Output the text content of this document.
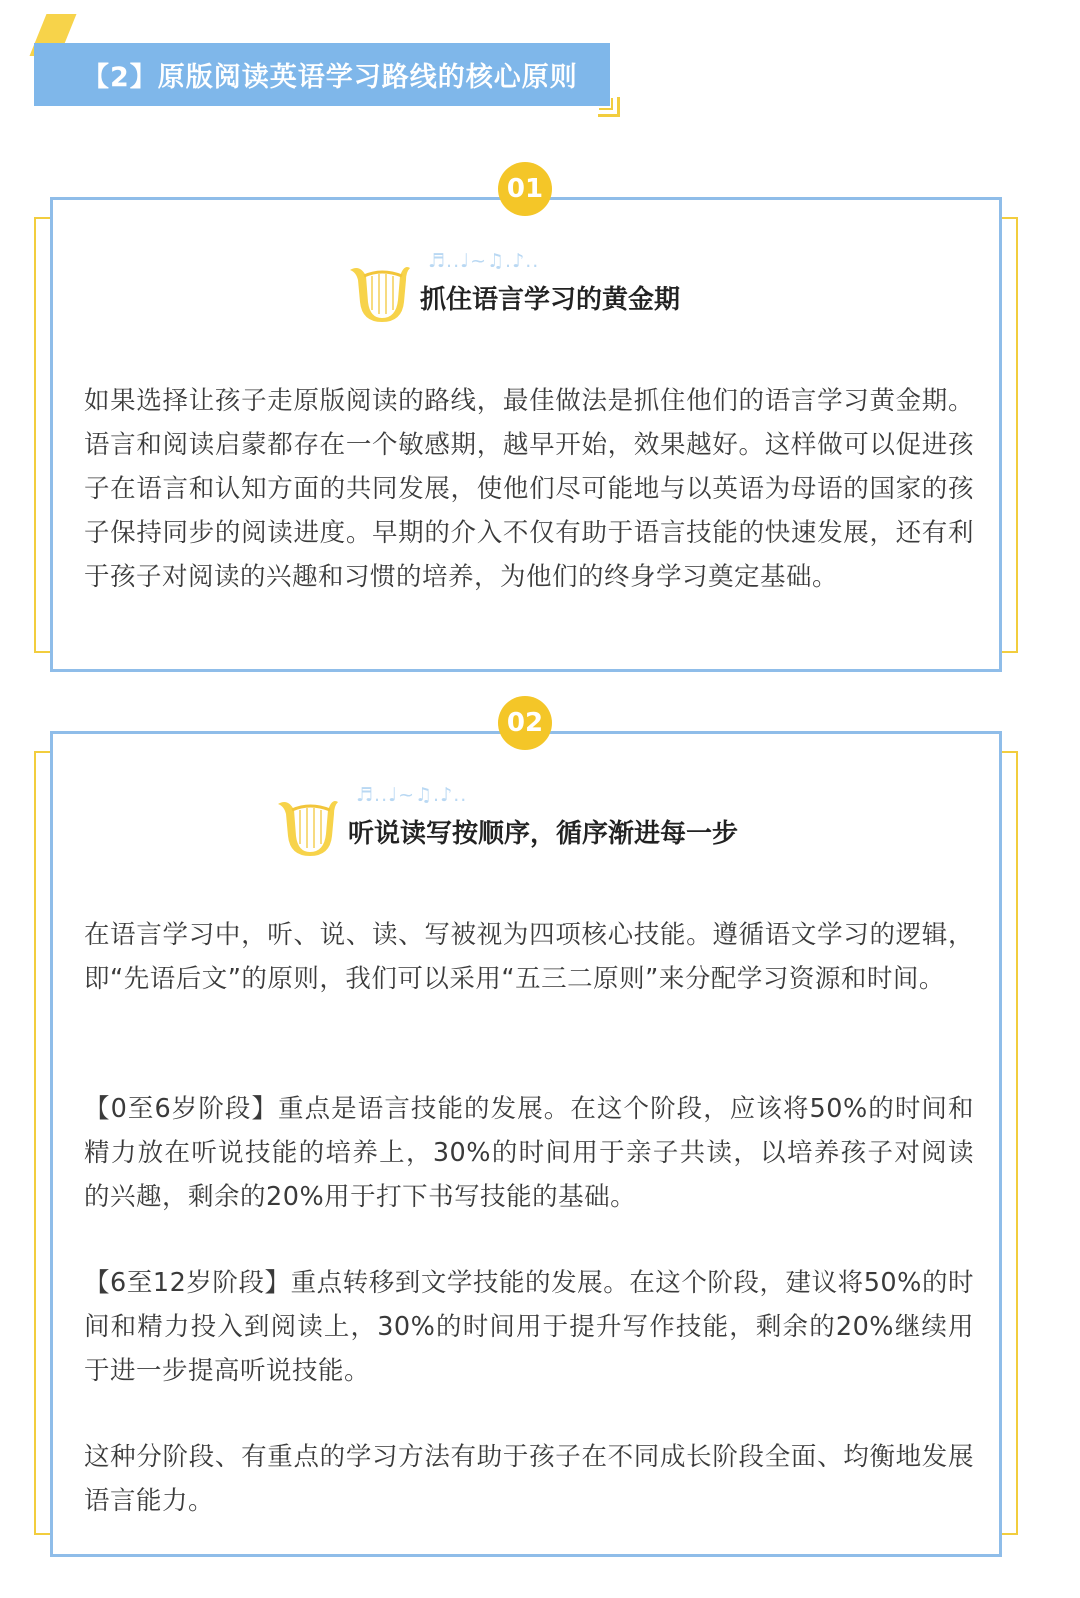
【2】原版阅读英语学习路线的核心原则
01
♬..♩~♫.♪..
抓住语言学习的黄金期

如果选择让孩子走原版阅读的路线，最佳做法是抓住他们的语言学习黄金期。语言和阅读启蒙都存在一个敏感期，越早开始，效果越好。这样做可以促进孩子在语言和认知方面的共同发展，使他们尽可能地与以英语为母语的国家的孩子保持同步的阅读进度。早期的介入不仅有助于语言技能的快速发展，还有利于孩子对阅读的兴趣和习惯的培养，为他们的终身学习奠定基础。

02
♬..♩~♫.♪..
听说读写按顺序，循序渐进每一步

在语言学习中，听、说、读、写被视为四项核心技能。遵循语文学习的逻辑，即“先语后文”的原则，我们可以采用“五三二原则”来分配学习资源和时间。

【0至6岁阶段】重点是语言技能的发展。在这个阶段，应该将50%的时间和精力放在听说技能的培养上，30%的时间用于亲子共读，以培养孩子对阅读的兴趣，剩余的20%用于打下书写技能的基础。

【6至12岁阶段】重点转移到文学技能的发展。在这个阶段，建议将50%的时间和精力投入到阅读上，30%的时间用于提升写作技能，剩余的20%继续用于进一步提高听说技能。

这种分阶段、有重点的学习方法有助于孩子在不同成长阶段全面、均衡地发展语言能力。
